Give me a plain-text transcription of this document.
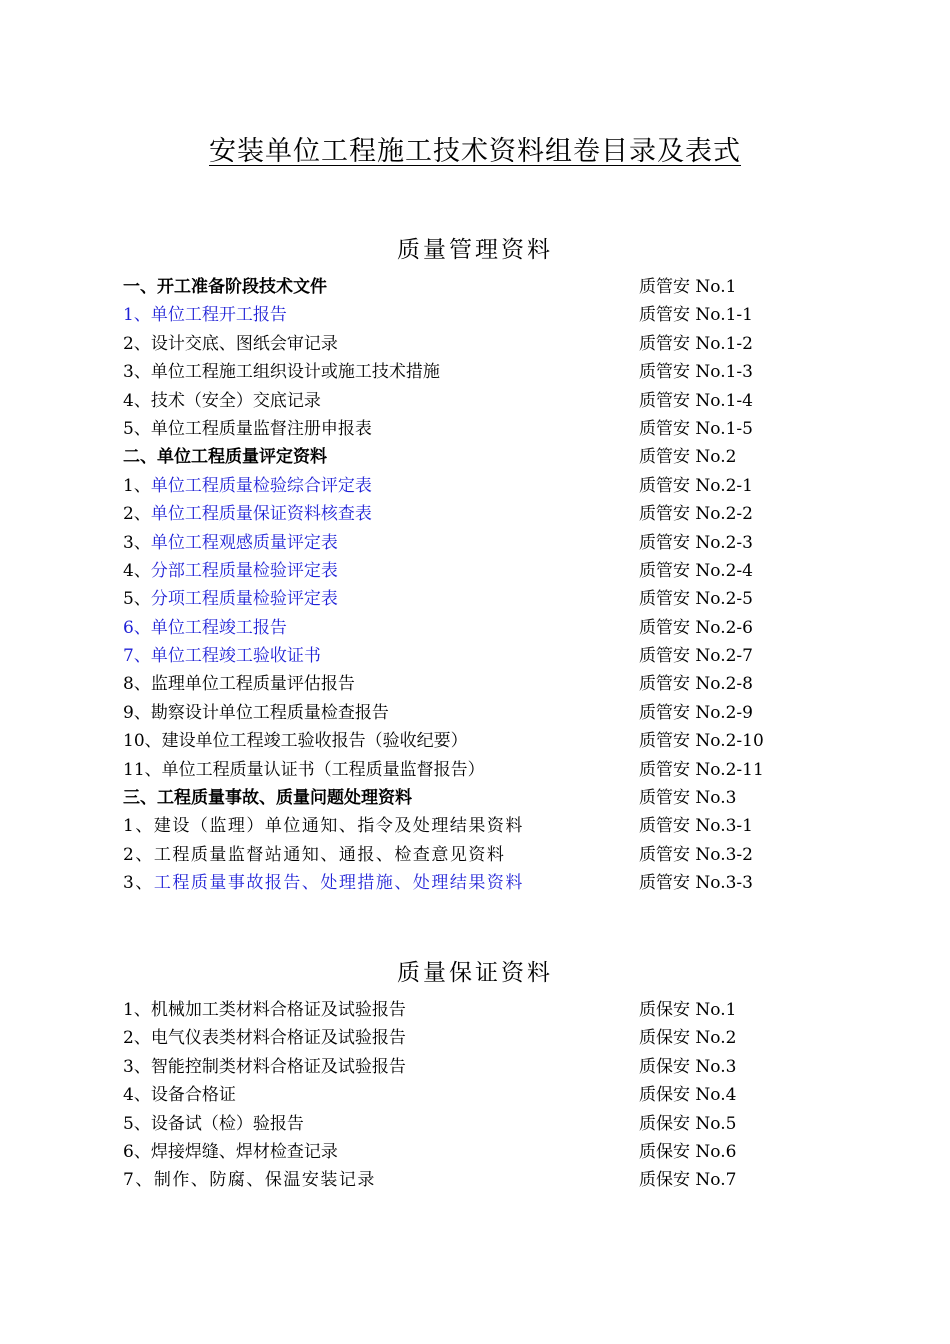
安装单位工程施工技术资料组卷目录及表式
质量管理资料
一、开工准备阶段技术文件	质管安 No.1
1、单位工程开工报告	质管安 No.1-1
2、设计交底、图纸会审记录	质管安 No.1-2
3、单位工程施工组织设计或施工技术措施	质管安 No.1-3
4、技术（安全）交底记录	质管安 No.1-4
5、单位工程质量监督注册申报表	质管安 No.1-5
二、单位工程质量评定资料	质管安 No.2
1、单位工程质量检验综合评定表	质管安 No.2-1
2、单位工程质量保证资料核查表	质管安 No.2-2
3、单位工程观感质量评定表	质管安 No.2-3
4、分部工程质量检验评定表	质管安 No.2-4
5、分项工程质量检验评定表	质管安 No.2-5
6、单位工程竣工报告	质管安 No.2-6
7、单位工程竣工验收证书	质管安 No.2-7
8、监理单位工程质量评估报告	质管安 No.2-8
9、勘察设计单位工程质量检查报告	质管安 No.2-9
10、建设单位工程竣工验收报告（验收纪要）	质管安 No.2-10
11、单位工程质量认证书（工程质量监督报告）	质管安 No.2-11
三、工程质量事故、质量问题处理资料	质管安 No.3
1、建设（监理）单位通知、指令及处理结果资料	质管安 No.3-1
2、工程质量监督站通知、通报、检查意见资料	质管安 No.3-2
3、工程质量事故报告、处理措施、处理结果资料	质管安 No.3-3
质量保证资料
1、机械加工类材料合格证及试验报告	质保安 No.1
2、电气仪表类材料合格证及试验报告	质保安 No.2
3、智能控制类材料合格证及试验报告	质保安 No.3
4、设备合格证	质保安 No.4
5、设备试（检）验报告	质保安 No.5
6、焊接焊缝、焊材检查记录	质保安 No.6
7、制作、防腐、保温安装记录	质保安 No.7
